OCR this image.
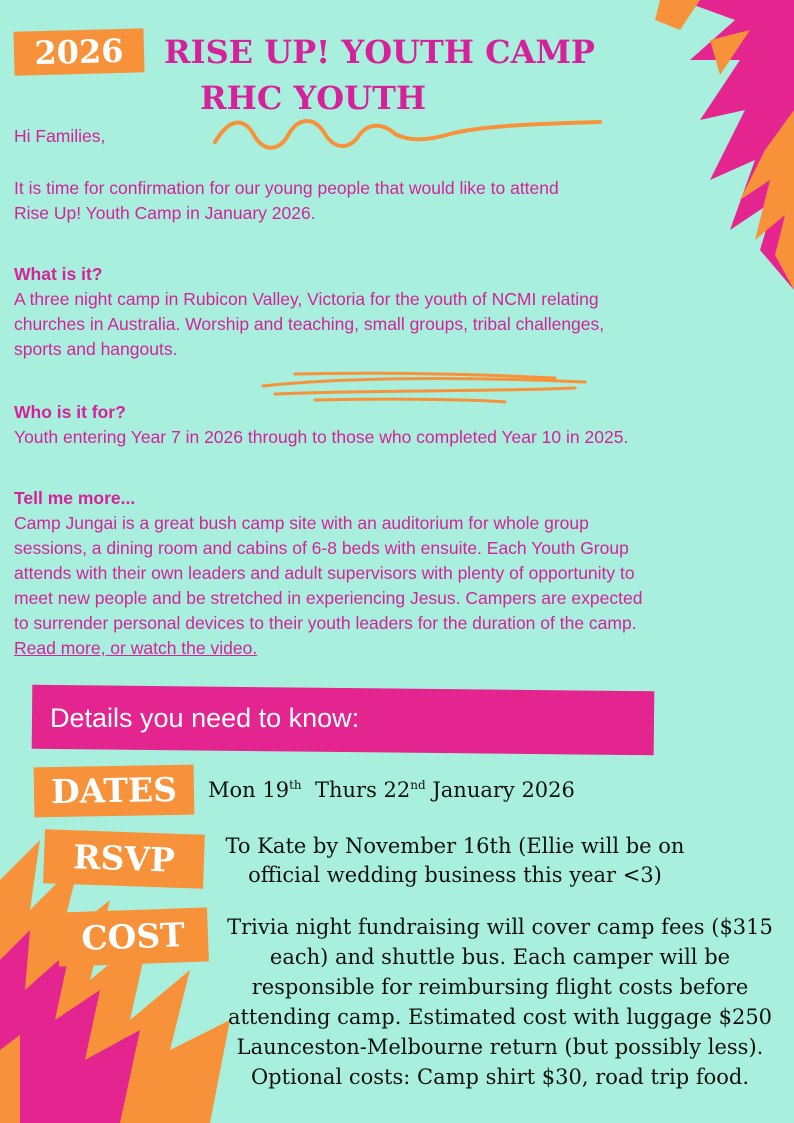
2026	RISE UP! YOUTH CAMP
RHC YOUTH
Hi Families,
It is time for confirmation for our young people that would like to attend
Rise Up! Youth Camp in January 2026.
What is it?
A three night camp in Rubicon Valley, Victoria for the youth of NCMI relating
churches in Australia. Worship and teaching, small groups, tribal challenges,
sports and hangouts.
Who is it for?
Youth entering Year 7 in 2026 through to those who completed Year 10 in 2025.
Tell me more...
Camp Jungai is a great bush camp site with an auditorium for whole group
sessions, a dining room and cabins of 6-8 beds with ensuite. Each Youth Group
attends with their own leaders and adult supervisors with plenty of opportunity to
meet new people and be stretched in experiencing Jesus. Campers are expected
to surrender personal devices to their youth leaders for the duration of the camp.
Read more, or watch the video.
Details you need to know:
DATES	Mon 19th  Thurs 22nd January 2026
RSVP	To Kate by November 16th (Ellie will be on
official wedding business this year <3)
COST	Trivia night fundraising will cover camp fees ($315
each) and shuttle bus. Each camper will be
responsible for reimbursing flight costs before
attending camp. Estimated cost with luggage $250
Launceston-Melbourne return (but possibly less).
Optional costs: Camp shirt $30, road trip food.
